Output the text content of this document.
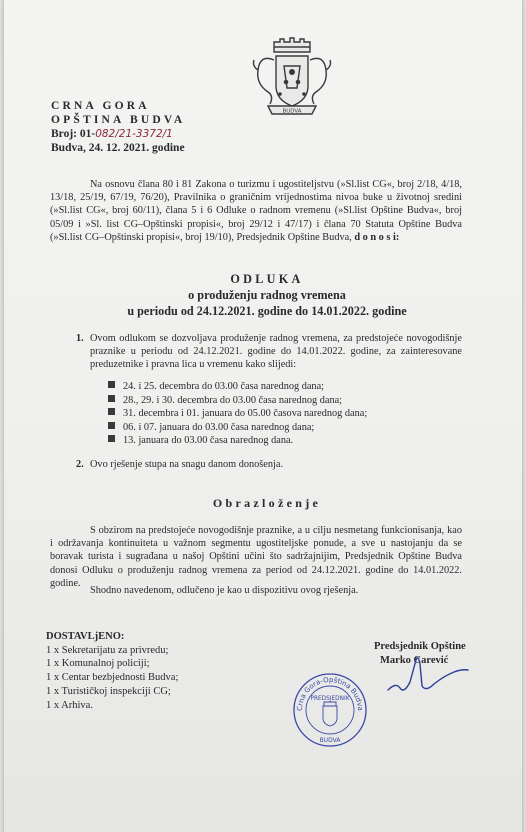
BUDVA
CRNA GORA
OPŠTINA BUDVA
Broj: 01-082/21-3372/1
Budva, 24. 12. 2021. godine
Na osnovu člana 80 i 81 Zakona o turizmu i ugostiteljstvu (»Sl.list CG«, broj 2/18, 4/18, 13/18, 25/19, 67/19, 76/20), Pravilnika o graničnim vrijednostima nivoa buke u životnoj sredini (»Sl.list CG«, broj 60/11), člana 5 i 6 Odluke o radnom vremenu (»Sl.list Opštine Budva«, broj 05/09 i »Sl. list CG–Opštinski propisi«, broj 29/12 i 47/17) i člana 70 Statuta Opštine Budva (»Sl.list CG–Opštinski propisi«, broj 19/10), Predsjednik Opštine Budva, d o n o s i:
ODLUKA
o produženju radnog vremena
u periodu od 24.12.2021. godine do 14.01.2022. godine
1. Ovom odlukom se dozvoljava produženje radnog vremena, za predstojeće novogodišnje praznike u periodu od 24.12.2021. godine do 14.01.2022. godine, za zainteresovane preduzetnike i pravna lica u vremenu kako slijedi:
24. i 25. decembra do 03.00 časa narednog dana;
28., 29. i 30. decembra do 03.00 časa narednog dana;
31. decembra i 01. januara do 05.00 časova narednog dana;
06. i 07. januara do 03.00 časa narednog dana;
13. januara do 03.00 časa narednog dana.
2. Ovo rješenje stupa na snagu danom donošenja.
Obrazloženje
S obzirom na predstojeće novogodišnje praznike, a u cilju nesmetang funkcionisanja, kao i održavanja kontinuiteta u važnom segmentu ugostiteljske ponude, a sve u nastojanju da se boravak turista i sugrađana u našoj Opštini učini što sadržajnijim, Predsjednik Opštine Budva donosi Odluku o produženju radnog vremena za period od 24.12.2021. godine do 14.01.2022. godine.
Shodno navedenom, odlučeno je kao u dispozitivu ovog rješenja.
DOSTAVLjENO:
1 x Sekretarijatu za privredu;
1 x Komunalnoj policiji;
1 x Centar bezbjednosti Budva;
1 x Turističkoj inspekciji CG;
1 x Arhiva.
Predsjednik Opštine
Marko Carević
Crna Gora-Opština Budva
PREDSJEDNIK
BUDVA
